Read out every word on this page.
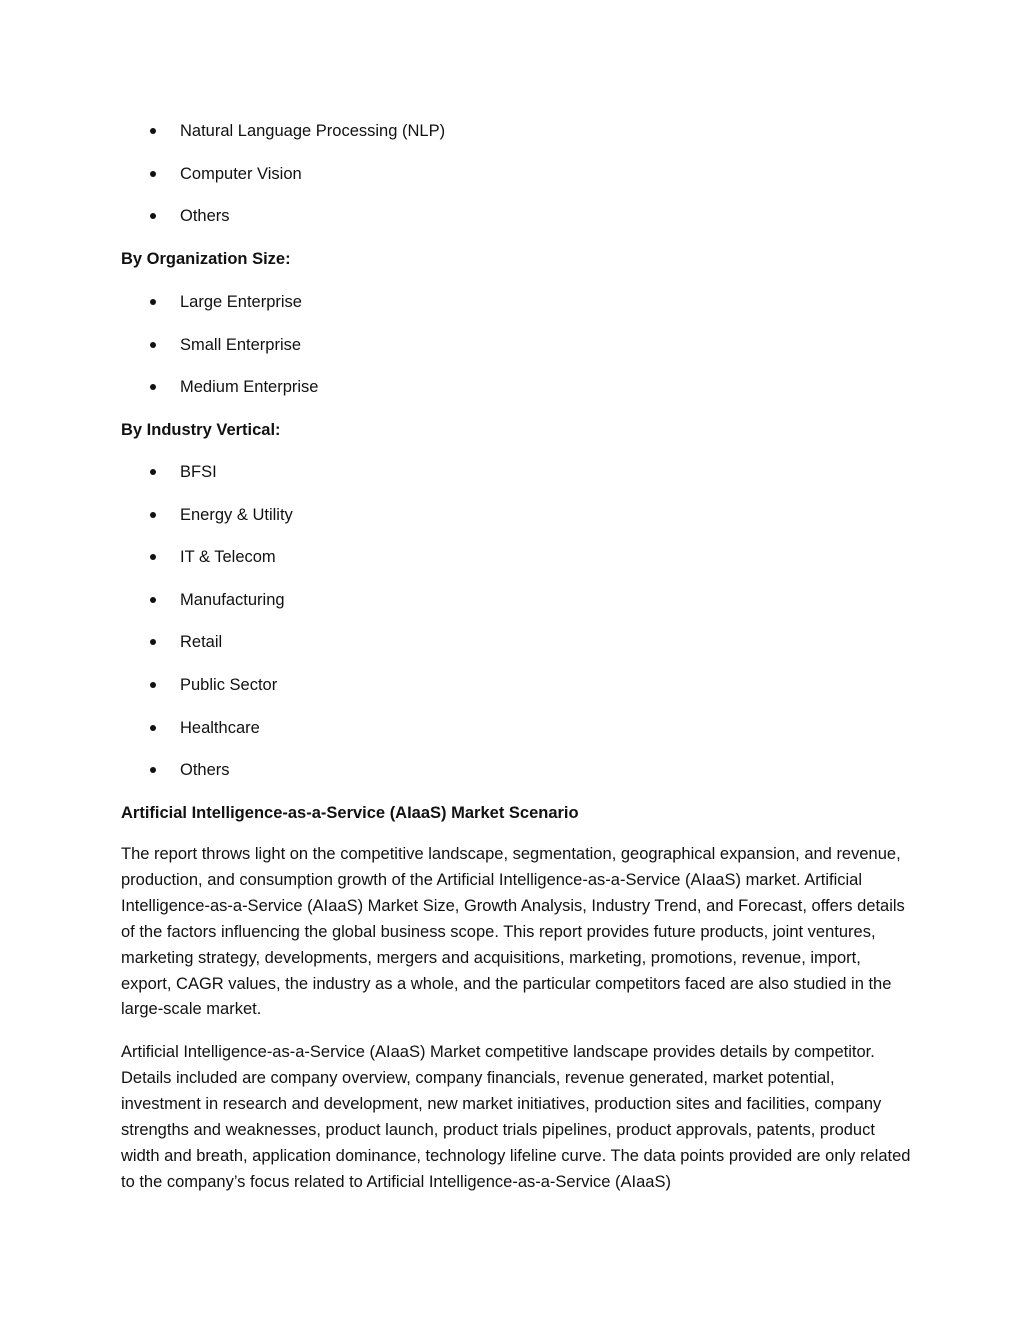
Natural Language Processing (NLP)
Computer Vision
Others
By Organization Size:
Large Enterprise
Small Enterprise
Medium Enterprise
By Industry Vertical:
BFSI
Energy & Utility
IT & Telecom
Manufacturing
Retail
Public Sector
Healthcare
Others
Artificial Intelligence-as-a-Service (AIaaS) Market Scenario

The report throws light on the competitive landscape, segmentation, geographical expansion, and revenue, production, and consumption growth of the Artificial Intelligence-as-a-Service (AIaaS) market. Artificial Intelligence-as-a-Service (AIaaS) Market Size, Growth Analysis, Industry Trend, and Forecast, offers details of the factors influencing the global business scope. This report provides future products, joint ventures, marketing strategy, developments, mergers and acquisitions, marketing, promotions, revenue, import, export, CAGR values, the industry as a whole, and the particular competitors faced are also studied in the large-scale market.

Artificial Intelligence-as-a-Service (AIaaS) Market competitive landscape provides details by competitor. Details included are company overview, company financials, revenue generated, market potential, investment in research and development, new market initiatives, production sites and facilities, company strengths and weaknesses, product launch, product trials pipelines, product approvals, patents, product width and breath, application dominance, technology lifeline curve. The data points provided are only related to the company’s focus related to Artificial Intelligence-as-a-Service (AIaaS)
